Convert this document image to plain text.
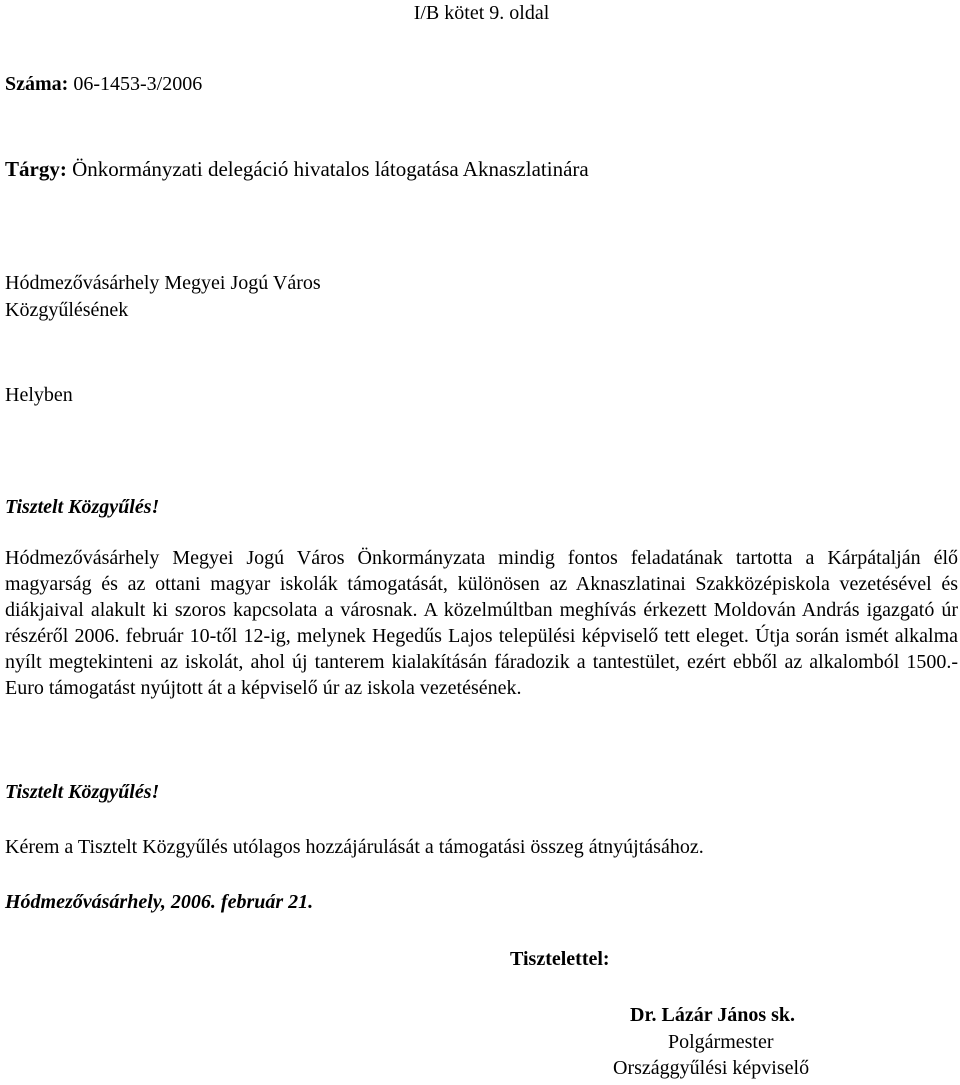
I/B kötet 9. oldal
Száma: 06-1453-3/2006
Tárgy: Önkormányzati delegáció hivatalos látogatása Aknaszlatinára
Hódmezővásárhely Megyei Jogú Város
Közgyűlésének
Helyben
Tisztelt Közgyűlés!
Hódmezővásárhely Megyei Jogú Város Önkormányzata mindig fontos feladatának tartotta a Kárpátalján élő magyarság és az ottani magyar iskolák támogatását, különösen az Aknaszlatinai Szakközépiskola vezetésével és diákjaival alakult ki szoros kapcsolata a városnak. A közelmúltban meghívás érkezett Moldován András igazgató úr részéről 2006. február 10-től 12-ig, melynek Hegedűs Lajos települési képviselő tett eleget. Útja során ismét alkalma nyílt megtekinteni az iskolát, ahol új tanterem kialakításán fáradozik a tantestület, ezért ebből az alkalomból 1500.- Euro támogatást nyújtott át a képviselő úr az iskola vezetésének.
Tisztelt Közgyűlés!
Kérem a Tisztelt Közgyűlés utólagos hozzájárulását a támogatási összeg átnyújtásához.
Hódmezővásárhely, 2006. február 21.
Tisztelettel:
Dr. Lázár János sk.
Polgármester
Országgyűlési képviselő
